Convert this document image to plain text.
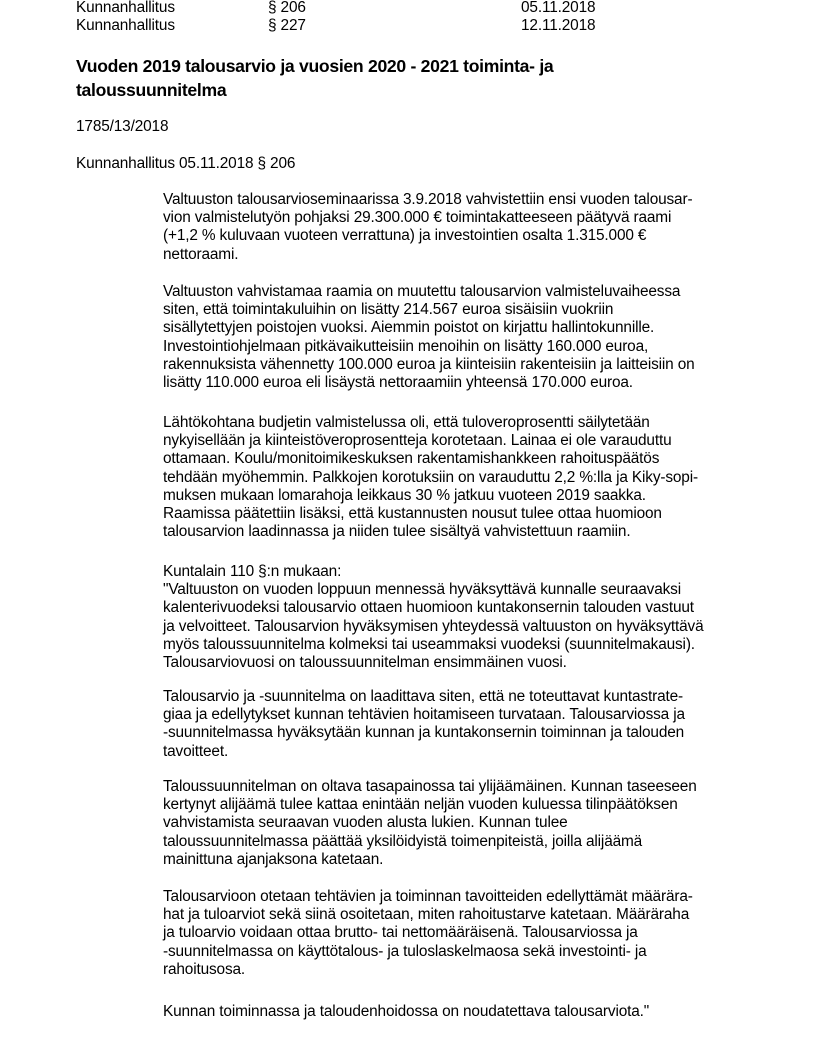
Kunnanhallitus	§ 206	05.11.2018
Kunnanhallitus	§ 227	12.11.2018
Vuoden 2019 talousarvio ja vuosien 2020 - 2021 toiminta- ja
taloussuunnitelma
1785/13/2018
Kunnanhallitus 05.11.2018 § 206
Valtuuston talousarvioseminaarissa 3.9.2018 vahvistettiin ensi vuoden talousar-
vion valmistelutyön pohjaksi 29.300.000 € toimintakatteeseen päätyvä raami
(+1,2 % kuluvaan vuoteen verrattuna) ja investointien osalta 1.315.000 €
nettoraami.
Valtuuston vahvistamaa raamia on muutettu talousarvion valmisteluvaiheessa
siten, että toimintakuluihin on lisätty 214.567 euroa sisäisiin vuokriin
sisällytettyjen poistojen vuoksi. Aiemmin poistot on kirjattu hallintokunnille.
Investointiohjelmaan pitkävaikutteisiin menoihin on lisätty 160.000 euroa,
rakennuksista vähennetty 100.000 euroa ja kiinteisiin rakenteisiin ja laitteisiin on
lisätty 110.000 euroa eli lisäystä nettoraamiin yhteensä 170.000 euroa.
Lähtökohtana budjetin valmistelussa oli, että tuloveroprosentti säilytetään
nykyisellään ja kiinteistöveroprosentteja korotetaan. Lainaa ei ole varauduttu
ottamaan. Koulu/monitoimikeskuksen rakentamishankkeen rahoituspäätös
tehdään myöhemmin. Palkkojen korotuksiin on varauduttu 2,2 %:lla ja Kiky-sopi-
muksen mukaan lomarahoja leikkaus 30 % jatkuu vuoteen 2019 saakka.
Raamissa päätettiin lisäksi, että kustannusten nousut tulee ottaa huomioon
talousarvion laadinnassa ja niiden tulee sisältyä vahvistettuun raamiin.
Kuntalain 110 §:n mukaan:
"Valtuuston on vuoden loppuun mennessä hyväksyttävä kunnalle seuraavaksi
kalenterivuodeksi talousarvio ottaen huomioon kuntakonsernin talouden vastuut
ja velvoitteet. Talousarvion hyväksymisen yhteydessä valtuuston on hyväksyttävä
myös taloussuunnitelma kolmeksi tai useammaksi vuodeksi (suunnitelmakausi).
Talousarviovuosi on taloussuunnitelman ensimmäinen vuosi.
Talousarvio ja -suunnitelma on laadittava siten, että ne toteuttavat kuntastrate-
giaa ja edellytykset kunnan tehtävien hoitamiseen turvataan. Talousarviossa ja
-suunnitelmassa hyväksytään kunnan ja kuntakonsernin toiminnan ja talouden
tavoitteet.
Taloussuunnitelman on oltava tasapainossa tai ylijäämäinen. Kunnan taseeseen
kertynyt alijäämä tulee kattaa enintään neljän vuoden kuluessa tilinpäätöksen
vahvistamista seuraavan vuoden alusta lukien. Kunnan tulee
taloussuunnitelmassa päättää yksilöidyistä toimenpiteistä, joilla alijäämä
mainittuna ajanjaksona katetaan.
Talousarvioon otetaan tehtävien ja toiminnan tavoitteiden edellyttämät määrära-
hat ja tuloarviot sekä siinä osoitetaan, miten rahoitustarve katetaan. Määräraha
ja tuloarvio voidaan ottaa brutto- tai nettomääräisenä. Talousarviossa ja
-suunnitelmassa on käyttötalous- ja tuloslaskelmaosa sekä investointi- ja
rahoitusosa.
Kunnan toiminnassa ja taloudenhoidossa on noudatettava talousarviota."
